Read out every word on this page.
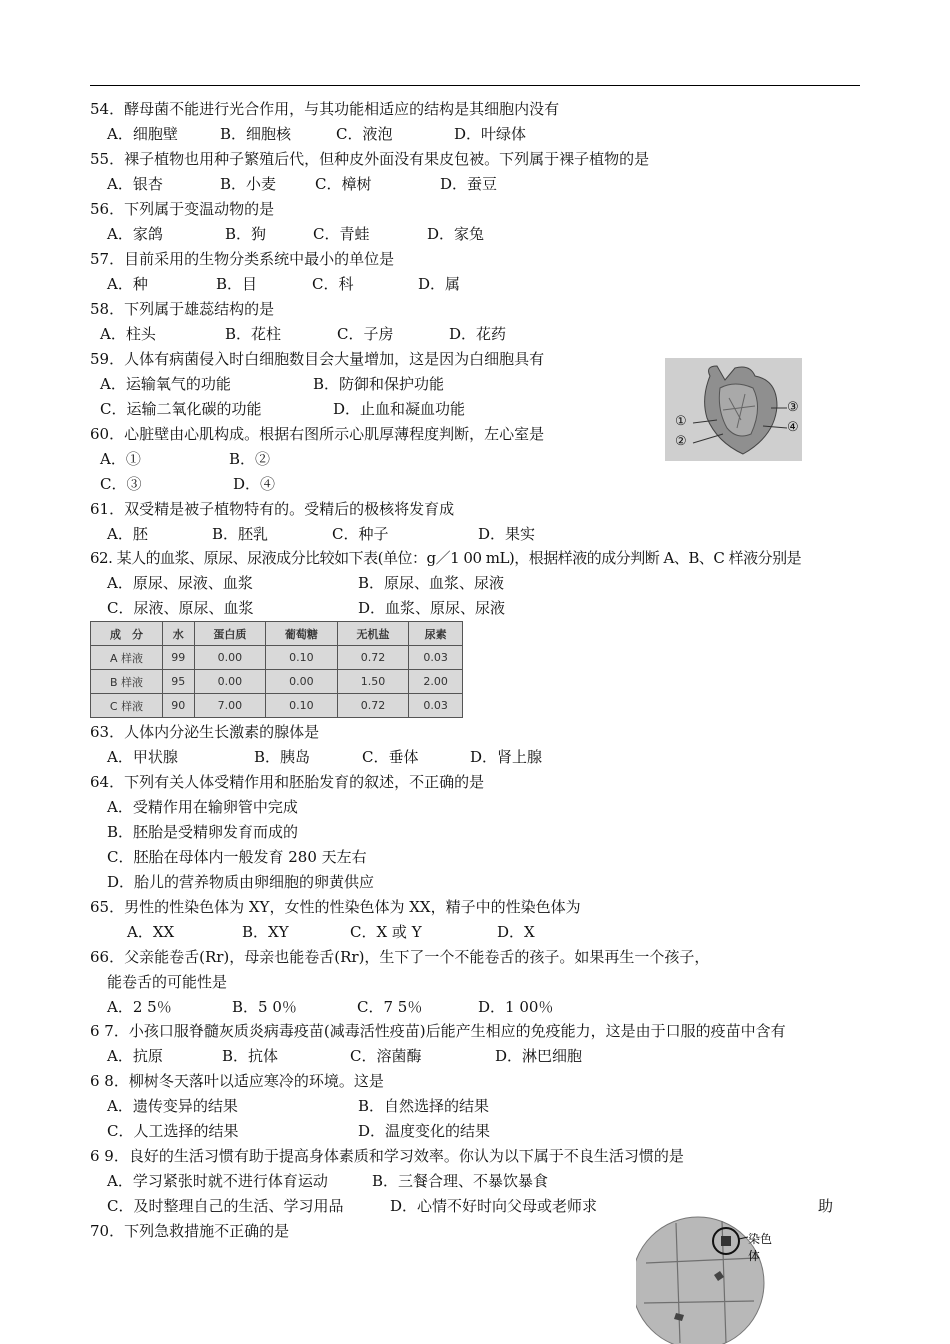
54．酵母菌不能进行光合作用，与其功能相适应的结构是其细胞内没有
A．细胞壁	B．细胞核	C．液泡	D．叶绿体
55．裸子植物也用种子繁殖后代，但种皮外面没有果皮包被。下列属于裸子植物的是
A．银杏	B．小麦	C．樟树	D．蚕豆
56．下列属于变温动物的是
A．家鸽	B．狗	C．青蛙	D．家兔
57．目前采用的生物分类系统中最小的单位是
A．种	B．目	C．科	D．属
58．下列属于雄蕊结构的是
A．柱头	B．花柱	C．子房	D．花药
59．人体有病菌侵入时白细胞数目会大量增加，这是因为白细胞具有
A．运输氧气的功能	B．防御和保护功能
C．运输二氧化碳的功能	D．止血和凝血功能
①
②
③
④
60．心脏壁由心肌构成。根据右图所示心肌厚薄程度判断，左心室是
A．①	B．②
C．③	D．④
61．双受精是被子植物特有的。受精后的极核将发育成
A．胚	B．胚乳	C．种子	D．果实
62. 某人的血浆、原尿、尿液成分比较如下表(单位：g／1 00 mL)，根据样液的成分判断 A、B、C 样液分别是
A．原尿、尿液、血浆	B．原尿、血浆、尿液
C．尿液、原尿、血浆	D．血浆、原尿、尿液
成　分	水	蛋白质	葡萄糖	无机盐	尿素
A 样液	99	0.00	0.10	0.72	0.03
B 样液	95	0.00	0.00	1.50	2.00
C 样液	90	7.00	0.10	0.72	0.03
63．人体内分泌生长激素的腺体是
A．甲状腺	B．胰岛	C．垂体	D．肾上腺
64．下列有关人体受精作用和胚胎发育的叙述，不正确的是
A．受精作用在输卵管中完成
B．胚胎是受精卵发育而成的
C．胚胎在母体内一般发育 280 天左右
D．胎儿的营养物质由卵细胞的卵黄供应
65．男性的性染色体为 XY，女性的性染色体为 XX，精子中的性染色体为
A．XX	B．XY	C．X 或 Y	D．X
66．父亲能卷舌(Rr)，母亲也能卷舌(Rr)，生下了一个不能卷舌的孩子。如果再生一个孩子，
能卷舌的可能性是
A．2 5％	B．5 0％	C．7 5％	D．1 00％
6 7．小孩口服脊髓灰质炎病毒疫苗(减毒活性疫苗)后能产生相应的免疫能力，这是由于口服的疫苗中含有
A．抗原	B．抗体	C．溶菌酶	D．淋巴细胞
6 8．柳树冬天落叶以适应寒冷的环境。这是
A．遗传变异的结果	B．自然选择的结果
C．人工选择的结果	D．温度变化的结果
6 9．良好的生活习惯有助于提高身体素质和学习效率。你认为以下属于不良生活习惯的是
A．学习紧张时就不进行体育运动	B．三餐合理、不暴饮暴食
C．及时整理自己的生活、学习用品	D．心情不好时向父母或老师求	助
70．下列急救措施不正确的是	染色体
